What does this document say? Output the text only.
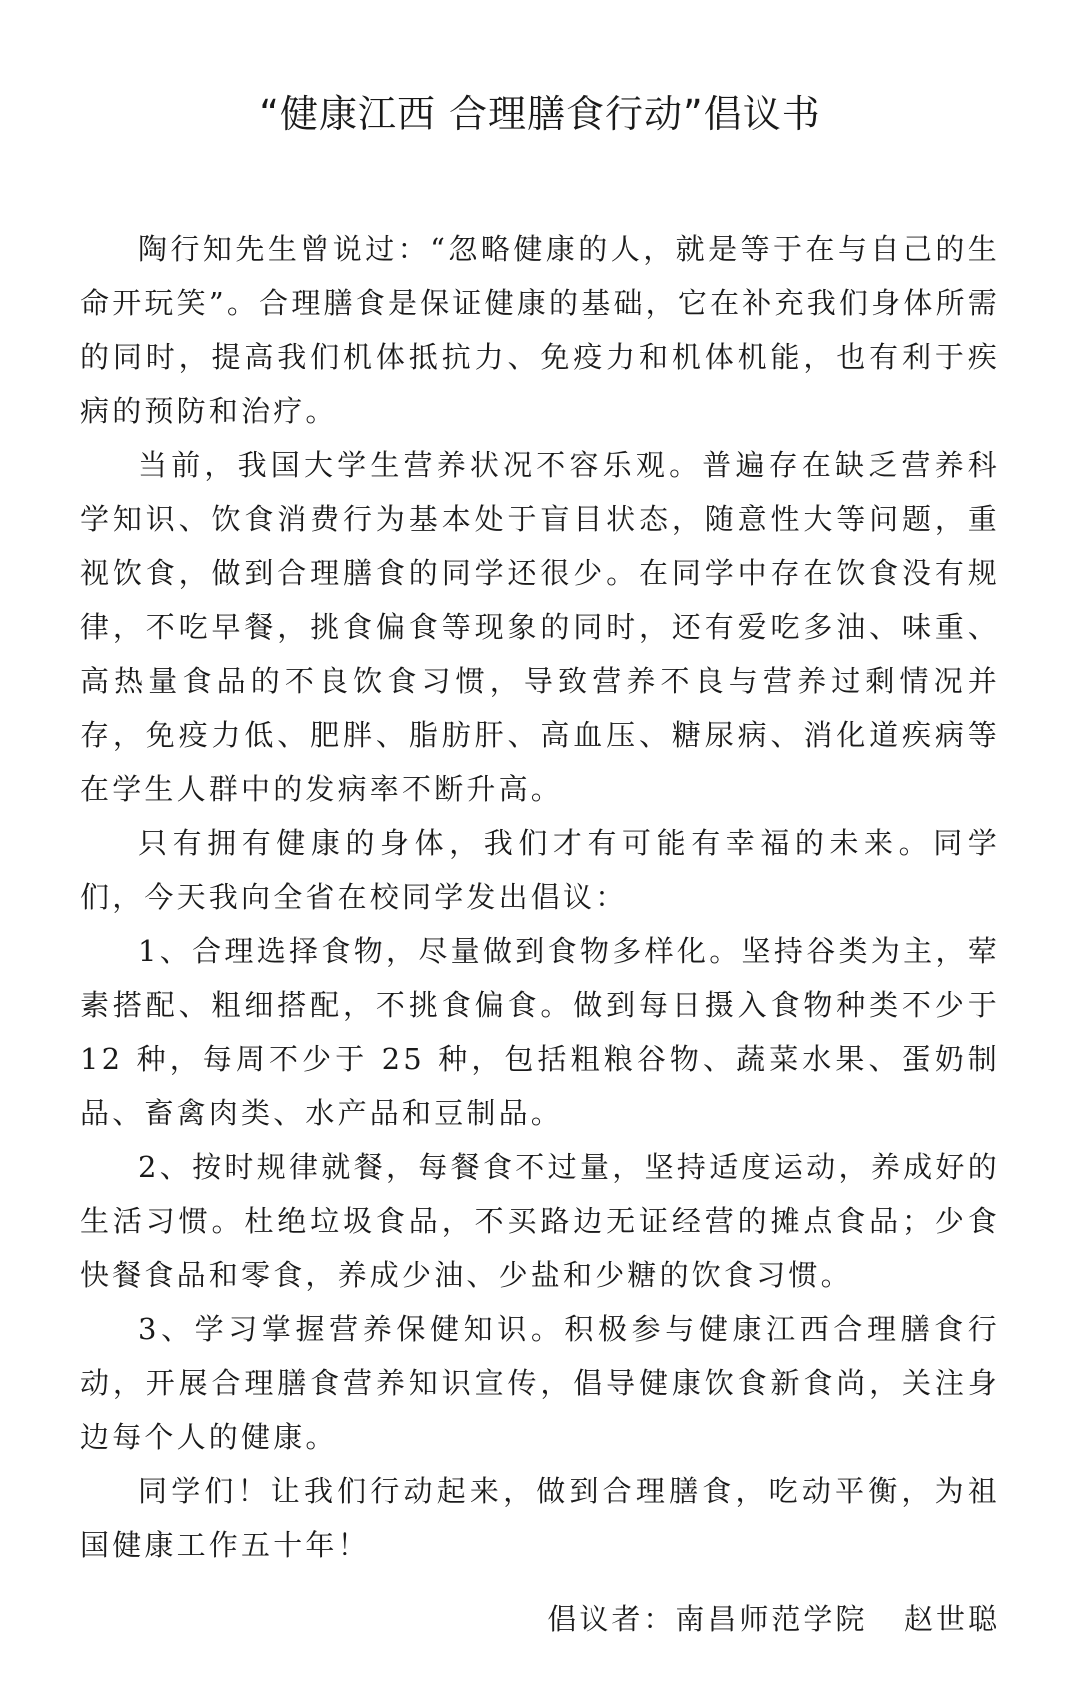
“健康江西 合理膳食行动”倡议书

陶行知先生曾说过：“忽略健康的人，就是等于在与自己的生命开玩笑”。合理膳食是保证健康的基础，它在补充我们身体所需的同时，提高我们机体抵抗力、免疫力和机体机能，也有利于疾病的预防和治疗。

当前，我国大学生营养状况不容乐观。普遍存在缺乏营养科学知识、饮食消费行为基本处于盲目状态，随意性大等问题，重视饮食，做到合理膳食的同学还很少。在同学中存在饮食没有规律，不吃早餐，挑食偏食等现象的同时，还有爱吃多油、味重、高热量食品的不良饮食习惯，导致营养不良与营养过剩情况并存，免疫力低、肥胖、脂肪肝、高血压、糖尿病、消化道疾病等在学生人群中的发病率不断升高。

只有拥有健康的身体，我们才有可能有幸福的未来。同学们，今天我向全省在校同学发出倡议：

1、合理选择食物，尽量做到食物多样化。坚持谷类为主，荤素搭配、粗细搭配，不挑食偏食。做到每日摄入食物种类不少于 12 种，每周不少于 25 种，包括粗粮谷物、蔬菜水果、蛋奶制品、畜禽肉类、水产品和豆制品。

2、按时规律就餐，每餐食不过量，坚持适度运动，养成好的生活习惯。杜绝垃圾食品，不买路边无证经营的摊点食品；少食快餐食品和零食，养成少油、少盐和少糖的饮食习惯。

3、学习掌握营养保健知识。积极参与健康江西合理膳食行动，开展合理膳食营养知识宣传，倡导健康饮食新食尚，关注身边每个人的健康。

同学们！让我们行动起来，做到合理膳食，吃动平衡，为祖国健康工作五十年！

倡议者：南昌师范学院   赵世聪
